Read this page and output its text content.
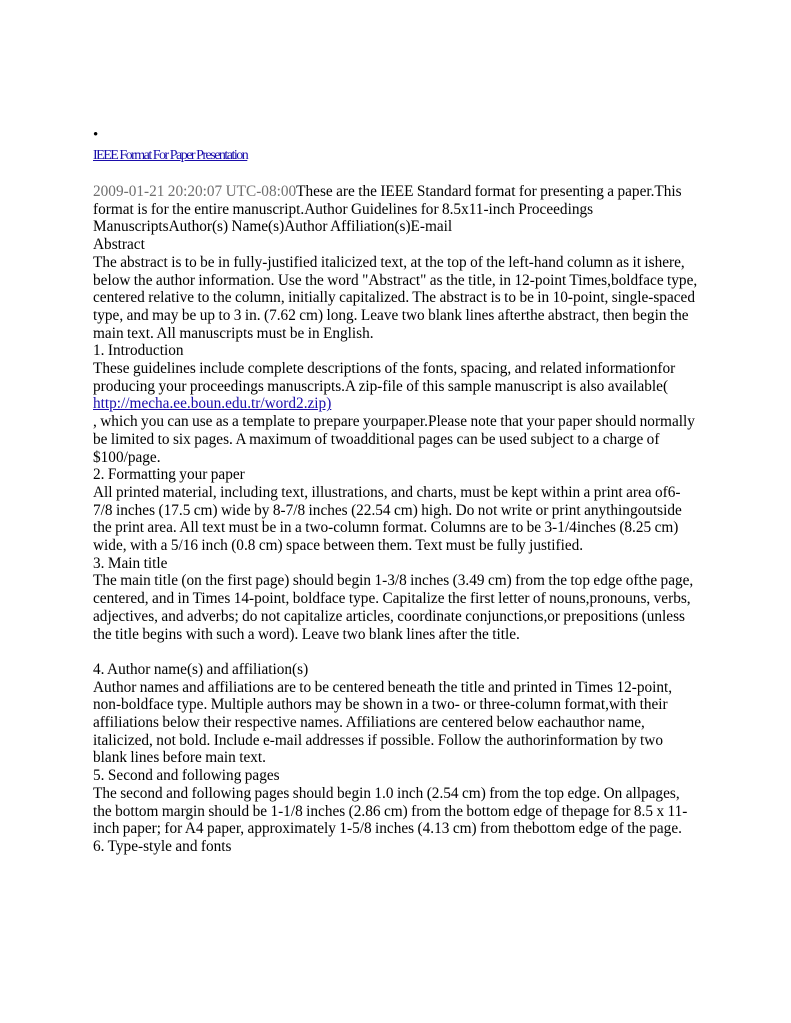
•
IEEE Format For Paper Presentation
2009-01-21 20:20:07 UTC-08:00These are the IEEE Standard format for presenting a paper.This format is for the entire manuscript.Author Guidelines for 8.5x11-inch Proceedings ManuscriptsAuthor(s) Name(s)Author Affiliation(s)E-mail
Abstract
The abstract is to be in fully-justified italicized text, at the top of the left-hand column as it ishere, below the author information. Use the word "Abstract" as the title, in 12-point Times,boldface type, centered relative to the column, initially capitalized. The abstract is to be in 10-point, single-spaced type, and may be up to 3 in. (7.62 cm) long. Leave two blank lines afterthe abstract, then begin the main text. All manuscripts must be in English.
1. Introduction
These guidelines include complete descriptions of the fonts, spacing, and related informationfor producing your proceedings manuscripts.A zip-file of this sample manuscript is also available(
http://mecha.ee.boun.edu.tr/word2.zip)
, which you can use as a template to prepare yourpaper.Please note that your paper should normally be limited to six pages. A maximum of twoadditional pages can be used subject to a charge of $100/page.
2. Formatting your paper
All printed material, including text, illustrations, and charts, must be kept within a print area of6-7/8 inches (17.5 cm) wide by 8-7/8 inches (22.54 cm) high. Do not write or print anythingoutside the print area. All text must be in a two-column format. Columns are to be 3-1/4inches (8.25 cm) wide, with a 5/16 inch (0.8 cm) space between them. Text must be fully justified.
3. Main title
The main title (on the first page) should begin 1-3/8 inches (3.49 cm) from the top edge ofthe page, centered, and in Times 14-point, boldface type. Capitalize the first letter of nouns,pronouns, verbs, adjectives, and adverbs; do not capitalize articles, coordinate conjunctions,or prepositions (unless the title begins with such a word). Leave two blank lines after the title.
4. Author name(s) and affiliation(s)
Author names and affiliations are to be centered beneath the title and printed in Times 12-point, non-boldface type. Multiple authors may be shown in a two- or three-column format,with their affiliations below their respective names. Affiliations are centered below eachauthor name, italicized, not bold. Include e-mail addresses if possible. Follow the authorinformation by two blank lines before main text.
5. Second and following pages
The second and following pages should begin 1.0 inch (2.54 cm) from the top edge. On allpages, the bottom margin should be 1-1/8 inches (2.86 cm) from the bottom edge of thepage for 8.5 x 11-inch paper; for A4 paper, approximately 1-5/8 inches (4.13 cm) from thebottom edge of the page.
6. Type-style and fonts
